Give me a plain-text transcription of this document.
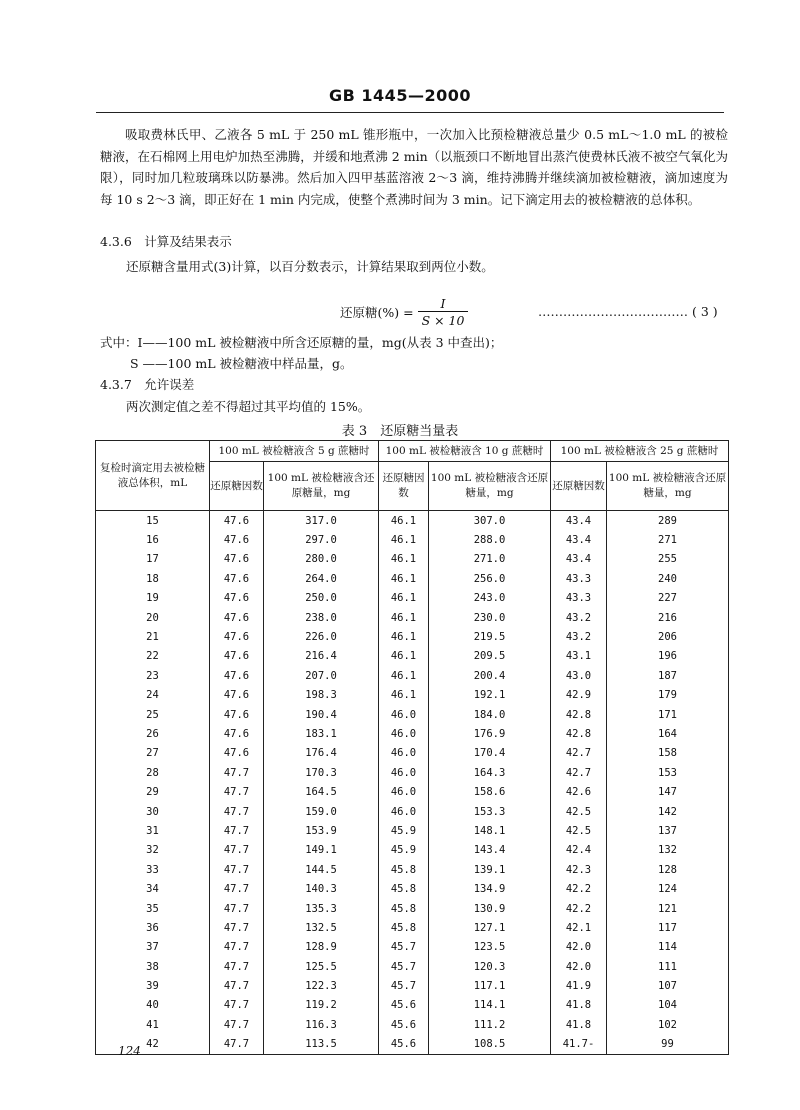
GB 1445—2000
吸取费林氏甲、乙液各 5 mL 于 250 mL 锥形瓶中，一次加入比预检糖液总量少 0.5 mL～1.0 mL 的被检糖液，在石棉网上用电炉加热至沸腾，并缓和地煮沸 2 min（以瓶颈口不断地冒出蒸汽使费林氏液不被空气氧化为限），同时加几粒玻璃珠以防暴沸。然后加入四甲基蓝溶液 2～3 滴，维持沸腾并继续滴加被检糖液，滴加速度为每 10 s 2～3 滴，即正好在 1 min 内完成，使整个煮沸时间为 3 min。记下滴定用去的被检糖液的总体积。
4.3.6　计算及结果表示
还原糖含量用式(3)计算，以百分数表示，计算结果取到两位小数。
还原糖(%) = $\frac{I}{S \times 10}$	……………………………… ( 3 )
式中：I——100 mL 被检糖液中所含还原糖的量，mg(从表 3 中查出)；
S ——100 mL 被检糖液中样品量，g。
4.3.7　允许误差
两次测定值之差不得超过其平均值的 15%。
表 3　还原糖当量表
复检时滴定用去被检糖液总体积，mL	100 mL 被检糖液含 5 g 蔗糖时		100 mL 被检糖液含 10 g 蔗糖时		100 mL 被检糖液含 25 g 蔗糖时	
	还原糖因数	100 mL 被检糖液含还原糖量，mg	还原糖因数	100 mL 被检糖液含还原糖量，mg	还原糖因数	100 mL 被检糖液含还原糖量，mg
15	47.6	317.0	46.1	307.0	43.4	289
16	47.6	297.0	46.1	288.0	43.4	271
17	47.6	280.0	46.1	271.0	43.4	255
18	47.6	264.0	46.1	256.0	43.3	240
19	47.6	250.0	46.1	243.0	43.3	227
20	47.6	238.0	46.1	230.0	43.2	216
21	47.6	226.0	46.1	219.5	43.2	206
22	47.6	216.4	46.1	209.5	43.1	196
23	47.6	207.0	46.1	200.4	43.0	187
24	47.6	198.3	46.1	192.1	42.9	179
25	47.6	190.4	46.0	184.0	42.8	171
26	47.6	183.1	46.0	176.9	42.8	164
27	47.6	176.4	46.0	170.4	42.7	158
28	47.7	170.3	46.0	164.3	42.7	153
29	47.7	164.5	46.0	158.6	42.6	147
30	47.7	159.0	46.0	153.3	42.5	142
31	47.7	153.9	45.9	148.1	42.5	137
32	47.7	149.1	45.9	143.4	42.4	132
33	47.7	144.5	45.8	139.1	42.3	128
34	47.7	140.3	45.8	134.9	42.2	124
35	47.7	135.3	45.8	130.9	42.2	121
36	47.7	132.5	45.8	127.1	42.1	117
37	47.7	128.9	45.7	123.5	42.0	114
38	47.7	125.5	45.7	120.3	42.0	111
39	47.7	122.3	45.7	117.1	41.9	107
40	47.7	119.2	45.6	114.1	41.8	104
41	47.7	116.3	45.6	111.2	41.8	102
42	47.7	113.5	45.6	108.5	41.7-	99
124
